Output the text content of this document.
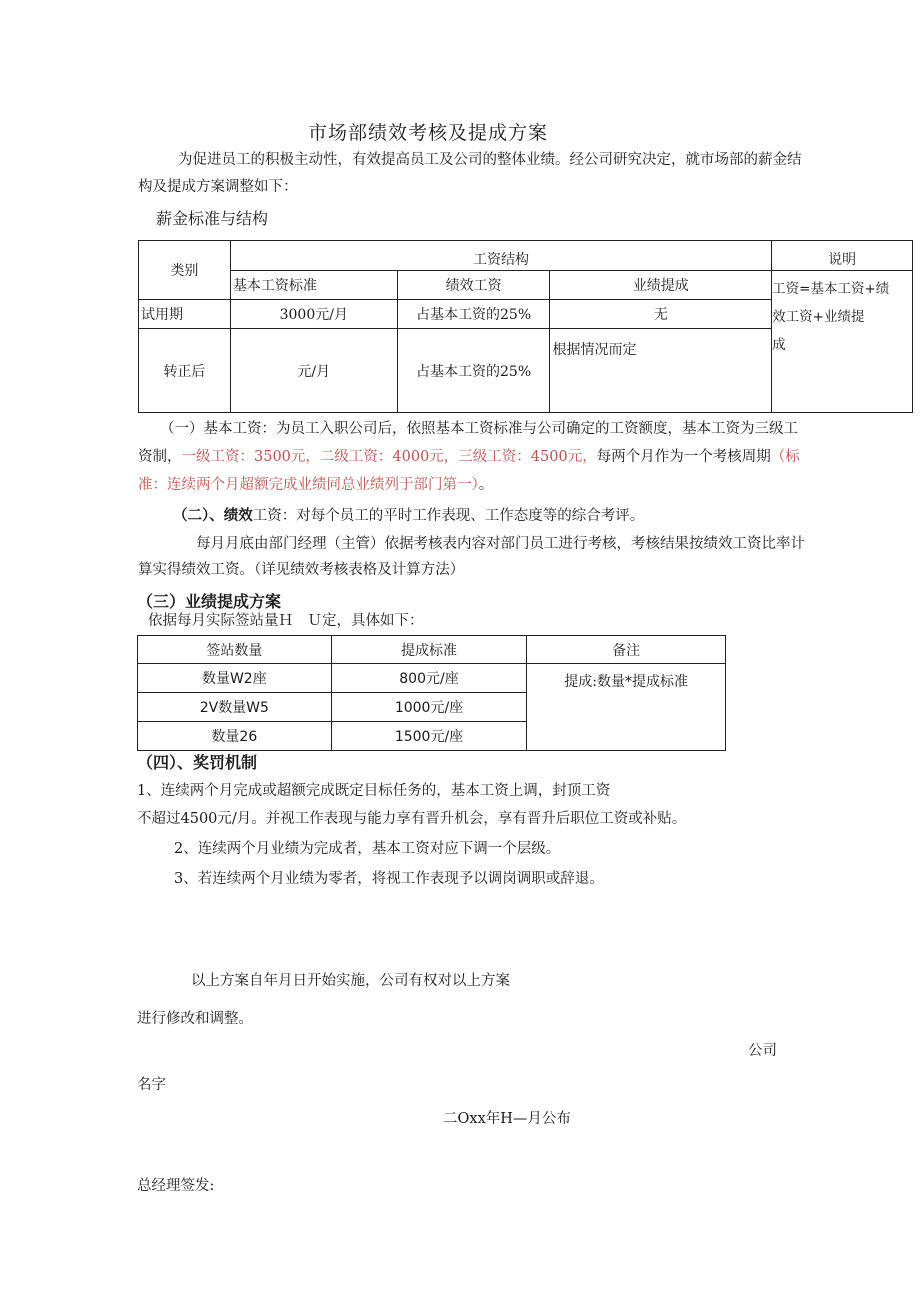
市场部绩效考核及提成方案
为促进员工的积极主动性，有效提高员工及公司的整体业绩。经公司研究决定，就市场部的薪金结
构及提成方案调整如下：
薪金标准与结构
类别	工资结构			说明
	基本工资标准	绩效工资	业绩提成	工资=基本工资+绩
效工资+业绩提
成

试用期	3000元/月	占基本工资的25%	无	
转正后	元/月	占基本工资的25%	根据情况而定	
（一）基本工资：为员工入职公司后，依照基本工资标准与公司确定的工资额度，基本工资为三级工
资制，一级工资：3500元，二级工资：4000元，三级工资：4500元，每两个月作为一个考核周期（标
准：连续两个月超额完成业绩同总业绩列于部门第一）。
（二）、绩效工资：对每个员工的平时工作表现、工作态度等的综合考评。
每月月底由部门经理（主管）依据考核表内容对部门员工进行考核，考核结果按绩效工资比率计
算实得绩效工资。（详见绩效考核表格及计算方法）
（三）业绩提成方案
依据每月实际签站量Ｈ　Ｕ定，具体如下：
签站数量	提成标准	备注
数量W2座	800元/座	提成:数量*提成标准
2V数量W5	1000元/座	
数量26	1500元/座	
（四）、奖罚机制
1、连续两个月完成或超额完成既定目标任务的，基本工资上调，封顶工资
不超过4500元/月。并视工作表现与能力享有晋升机会，享有晋升后职位工资或补贴。
2、连续两个月业绩为完成者，基本工资对应下调一个层级。
3、若连续两个月业绩为零者，将视工作表现予以调岗调职或辞退。
以上方案自年月日开始实施，公司有权对以上方案
进行修改和调整。
公司
名字
二Oxx年H—月公布
总经理签发:
